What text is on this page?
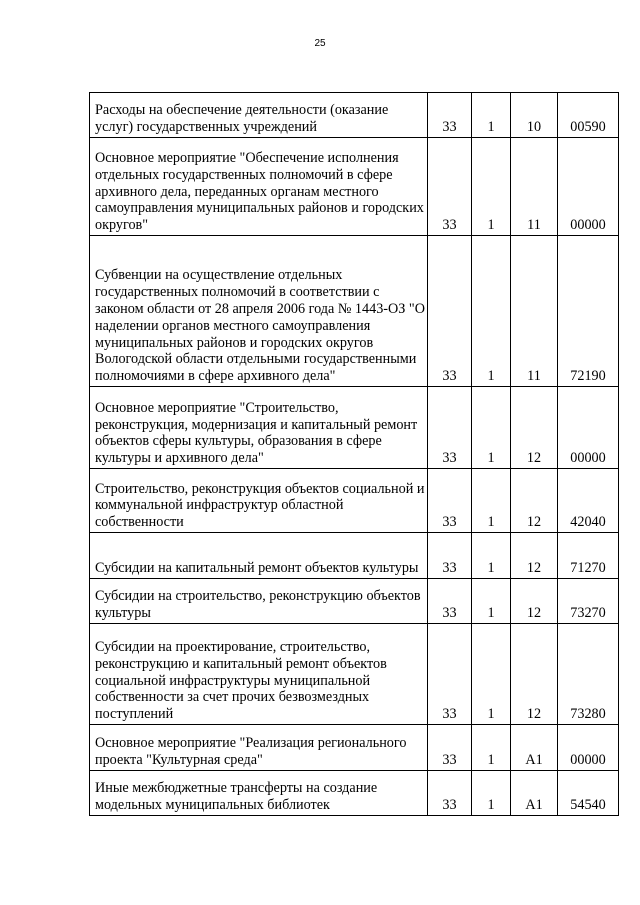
25
Расходы на обеспечение деятельности (оказание услуг) государственных учреждений	33	1	10	00590
Основное мероприятие "Обеспечение исполнения отдельных государственных полномочий в сфере архивного дела, переданных органам местного самоуправления муниципальных районов и городских округов"	33	1	11	00000
Субвенции на осуществление отдельных государственных полномочий в соответствии с законом области от 28 апреля 2006 года № 1443-ОЗ "О наделении органов местного самоуправления муниципальных районов и городских округов Вологодской области отдельными государственными полномочиями в сфере архивного дела"	33	1	11	72190
Основное мероприятие "Строительство, реконструкция, модернизация и капитальный ремонт объектов сферы культуры, образования в сфере культуры и архивного дела"	33	1	12	00000
Строительство, реконструкция объектов социальной и коммунальной инфраструктур областной собственности	33	1	12	42040
Субсидии на капитальный ремонт объектов культуры	33	1	12	71270
Субсидии на строительство, реконструкцию объектов культуры	33	1	12	73270
Субсидии на проектирование, строительство, реконструкцию и капитальный ремонт объектов социальной инфраструктуры муниципальной собственности за счет прочих безвозмездных поступлений	33	1	12	73280
Основное мероприятие "Реализация регионального проекта "Культурная среда"	33	1	А1	00000
Иные межбюджетные трансферты на создание модельных муниципальных библиотек	33	1	А1	54540
